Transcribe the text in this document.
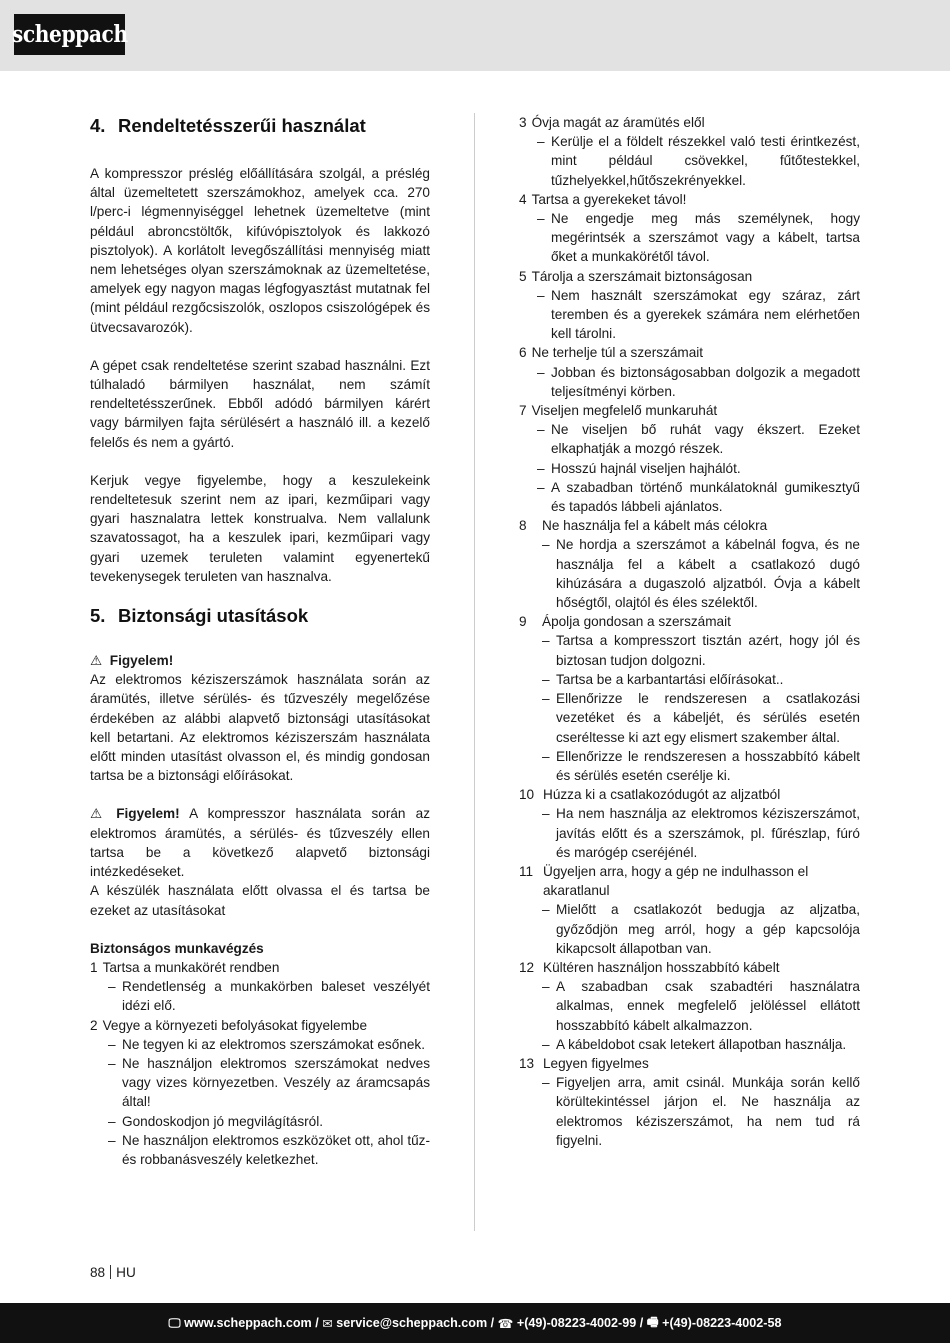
scheppach
4. Rendeltetésszerűi használat

A kompresszor préslég előállítására szolgál, a préslég által üzemeltetett szerszámokhoz, amelyek cca. 270 l/perc-i légmennyiséggel lehetnek üzemeltetve (mint például abroncstöltők, kifúvópisztolyok és lakkozó pisztolyok). A korlátolt levegőszállítási mennyiség miatt nem lehetséges olyan szerszámoknak az üzemeltetése, amelyek egy nagyon magas légfogyasztást mutatnak fel (mint például rezgőcsiszolók, oszlopos csiszológépek és ütvecsavarozók).

A gépet csak rendeltetése szerint szabad használni. Ezt túlhaladó bármilyen használat, nem számít rendeltetésszerűnek. Ebből adódó bármilyen kárért vagy bármilyen fajta sérülésért a használó ill. a kezelő felelős és nem a gyártó.

Kerjuk vegye figyelembe, hogy a keszulekeink rendeltetesuk szerint nem az ipari, kezműipari vagy gyari hasznalatra lettek konstrualva. Nem vallalunk szavatossagot, ha a keszulek ipari, kezműipari vagy gyari uzemek teruleten valamint egyenertekű tevekenysegek teruleten van hasznalva.

5. Biztonsági utasítások

⚠ Figyelem!

Az elektromos kéziszerszámok használata során az áramütés, illetve sérülés- és tűzveszély megelőzése érdekében az alábbi alapvető biztonsági utasításokat kell betartani. Az elektromos kéziszerszám használata előtt minden utasítást olvasson el, és mindig gondosan tartsa be a biztonsági előírásokat.

⚠ Figyelem! A kompresszor használata során az elektromos áramütés, a sérülés- és tűzveszély ellen tartsa be a következő alapvető biztonsági intézkedéseket.

A készülék használata előtt olvassa el és tartsa be ezeket az utasításokat

Biztonságos munkavégzés

1 Tartsa a munkakörét rendben
– Rendetlenség a munkakörben baleset veszélyét idézi elő.
2 Vegye a környezeti befolyásokat figyelembe
– Ne tegyen ki az elektromos szerszámokat esőnek.
– Ne használjon elektromos szerszámokat nedves vagy vizes környezetben. Veszély az áramcsapás által!
– Gondoskodjon jó megvilágításról.
– Ne használjon elektromos eszközöket ott, ahol tűz- és robbanásveszély keletkezhet.
3 Óvja magát az áramütés elől
– Kerülje el a földelt részekkel való testi érintkezést, mint például csövekkel, fűtőtestekkel, tűzhelyekkel,hűtőszekrényekkel.
4 Tartsa a gyerekeket távol!
– Ne engedje meg más személynek, hogy megérintsék a szerszámot vagy a kábelt, tartsa őket a munkakörétől távol.
5 Tárolja a szerszámait biztonságosan
– Nem használt szerszámokat egy száraz, zárt teremben és a gyerekek számára nem elérhetően kell tárolni.
6 Ne terhelje túl a szerszámait
– Jobban és biztonságosabban dolgozik a megadott teljesítményi körben.
7 Viseljen megfelelő munkaruhát
– Ne viseljen bő ruhát vagy ékszert. Ezeket elkaphatják a mozgó részek.
– Hosszú hajnál viseljen hajhálót.
– A szabadban történő munkálatoknál gumikesztyű és tapadós lábbeli ajánlatos.
8	Ne használja fel a kábelt más célokra
– Ne hordja a szerszámot a kábelnál fogva, és ne használja fel a kábelt a csatlakozó dugó kihúzására a dugaszoló aljzatból. Óvja a kábelt hőségtől, olajtól és éles szélektől.
9	Ápolja gondosan a szerszámait
– Tartsa a kompresszort tisztán azért, hogy jól és biztosan tudjon dolgozni.
– Tartsa be a karbantartási előírásokat..
– Ellenőrizze le rendszeresen a csatlakozási vezetéket és a kábeljét, és sérülés esetén cseréltesse ki azt egy elismert szakember által.
– Ellenőrizze le rendszeresen a hosszabbító kábelt és sérülés esetén cserélje ki.
10 Húzza ki a csatlakozódugót az aljzatból
– Ha nem használja az elektromos kéziszerszámot, javítás előtt és a szerszámok, pl. fűrészlap, fúró és marógép cseréjénél.
11 Ügyeljen arra, hogy a gép ne indulhasson el akaratlanul
– Mielőtt a csatlakozót bedugja az aljzatba, győződjön meg arról, hogy a gép kapcsolója kikapcsolt állapotban van.
12 Kültéren használjon hosszabbító kábelt
– A szabadban csak szabadtéri használatra alkalmas, ennek megfelelő jelöléssel ellátott hosszabbító kábelt alkalmazzon.
– A kábeldobot csak letekert állapotban használja.
13 Legyen figyelmes
– Figyeljen arra, amit csinál. Munkája során kellő körültekintéssel járjon el. Ne használja az elektromos kéziszerszámot, ha nem tud rá figyelni.
88 HU
🖵 www.scheppach.com / ✉ service@scheppach.com / ☎ +(49)-08223-4002-99 / 🖷 +(49)-08223-4002-58
